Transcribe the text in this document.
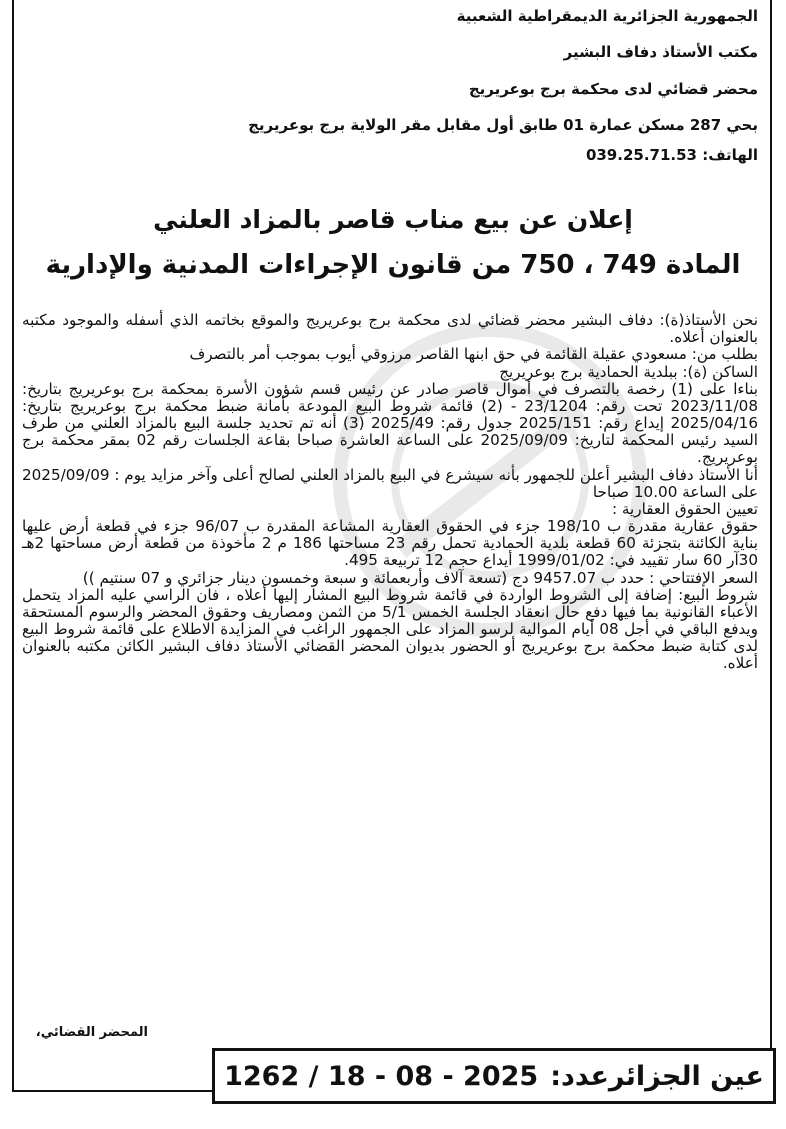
الجمهورية الجزائرية الديمقراطية الشعبية

مكتب الأستاذ دفاف البشير

محضر قضائي لدى محكمة برج بوعريريج

بحي 287 مسكن عمارة 01 طابق أول مقابل مقر الولاية برج بوعريريج

الهاتف: 039.25.71.53

إعلان عن بيع مناب قاصر بالمزاد العلني
المادة 749 ، 750 من قانون الإجراءات المدنية والإدارية

نحن الأستاذ(ة): دفاف البشير محضر قضائي لدى محكمة برج بوعريريج والموقع بخاتمه الذي أسفله والموجود مكتبه بالعنوان أعلاه.

بطلب من: مسعودي عقيلة القائمة في حق ابنها القاصر مرزوقي أيوب بموجب أمر بالتصرف

الساكن (ة): ببلدية الحمادية برج بوعريريج

بناءا على (1) رخصة بالتصرف في أموال قاصر صادر عن رئيس قسم شؤون الأسرة بمحكمة برج بوعريريج بتاريخ: 2023/11/08 تحت رقم: 23/1204 - (2) قائمة شروط البيع المودعة بأمانة ضبط محكمة برج بوعريريج بتاريخ: 2025/04/16 إيداع رقم: 2025/151 جدول رقم: 2025/49 (3) أنه تم تحديد جلسة البيع بالمزاد العلني من طرف السيد رئيس المحكمة لتاريخ: 2025/09/09 على الساعة العاشرة صباحا بقاعة الجلسات رقم 02 بمقر محكمة برج بوعريريج.

أنا الأستاذ دفاف البشير أعلن للجمهور بأنه سيشرع في البيع بالمزاد العلني لصالح أعلى وآخر مزايد يوم : 2025/09/09 على الساعة 10.00 صباحا

تعيين الحقوق العقارية :

حقوق عقارية مقدرة ب 198/10 جزء في الحقوق العقارية المشاعة المقدرة ب 96/07 جزء في قطعة أرض عليها بناية الكائنة بتجزئة 60 قطعة بلدية الحمادية تحمل رقم 23 مساحتها 186 م 2 مأخوذة من قطعة أرض مساحتها 2هـ 30آر 60 سار تقييد في: 1999/01/02 أيداع حجم 12 تربيعة 495.

السعر الإفتتاحي : حدد ب 9457.07 دج (تسعة آلاف وأربعمائة و سبعة وخمسون دينار جزائري و 07 سنتيم ))

شروط البيع: إضافة إلى الشروط الواردة في قائمة شروط البيع المشار إليها أعلاه ، فان الراسي عليه المزاد يتحمل الأعباء القانونية بما فيها دفع حال انعقاد الجلسة الخمس 5/1 من الثمن ومصاريف وحقوق المحضر والرسوم المستحقة ويدفع الباقي في أجل 08 أيام الموالية لرسو المزاد على الجمهور الراغب في المزايدة الاطلاع على قائمة شروط البيع لدى كتابة ضبط محكمة برج بوعريريج أو الحضور بديوان المحضر القضائي الأستاذ دفاف البشير الكائن مكتبه بالعنوان أعلاه.

المحضر القضائي،
عين الجزائرعدد:
1262 / 18 - 08 - 2025
